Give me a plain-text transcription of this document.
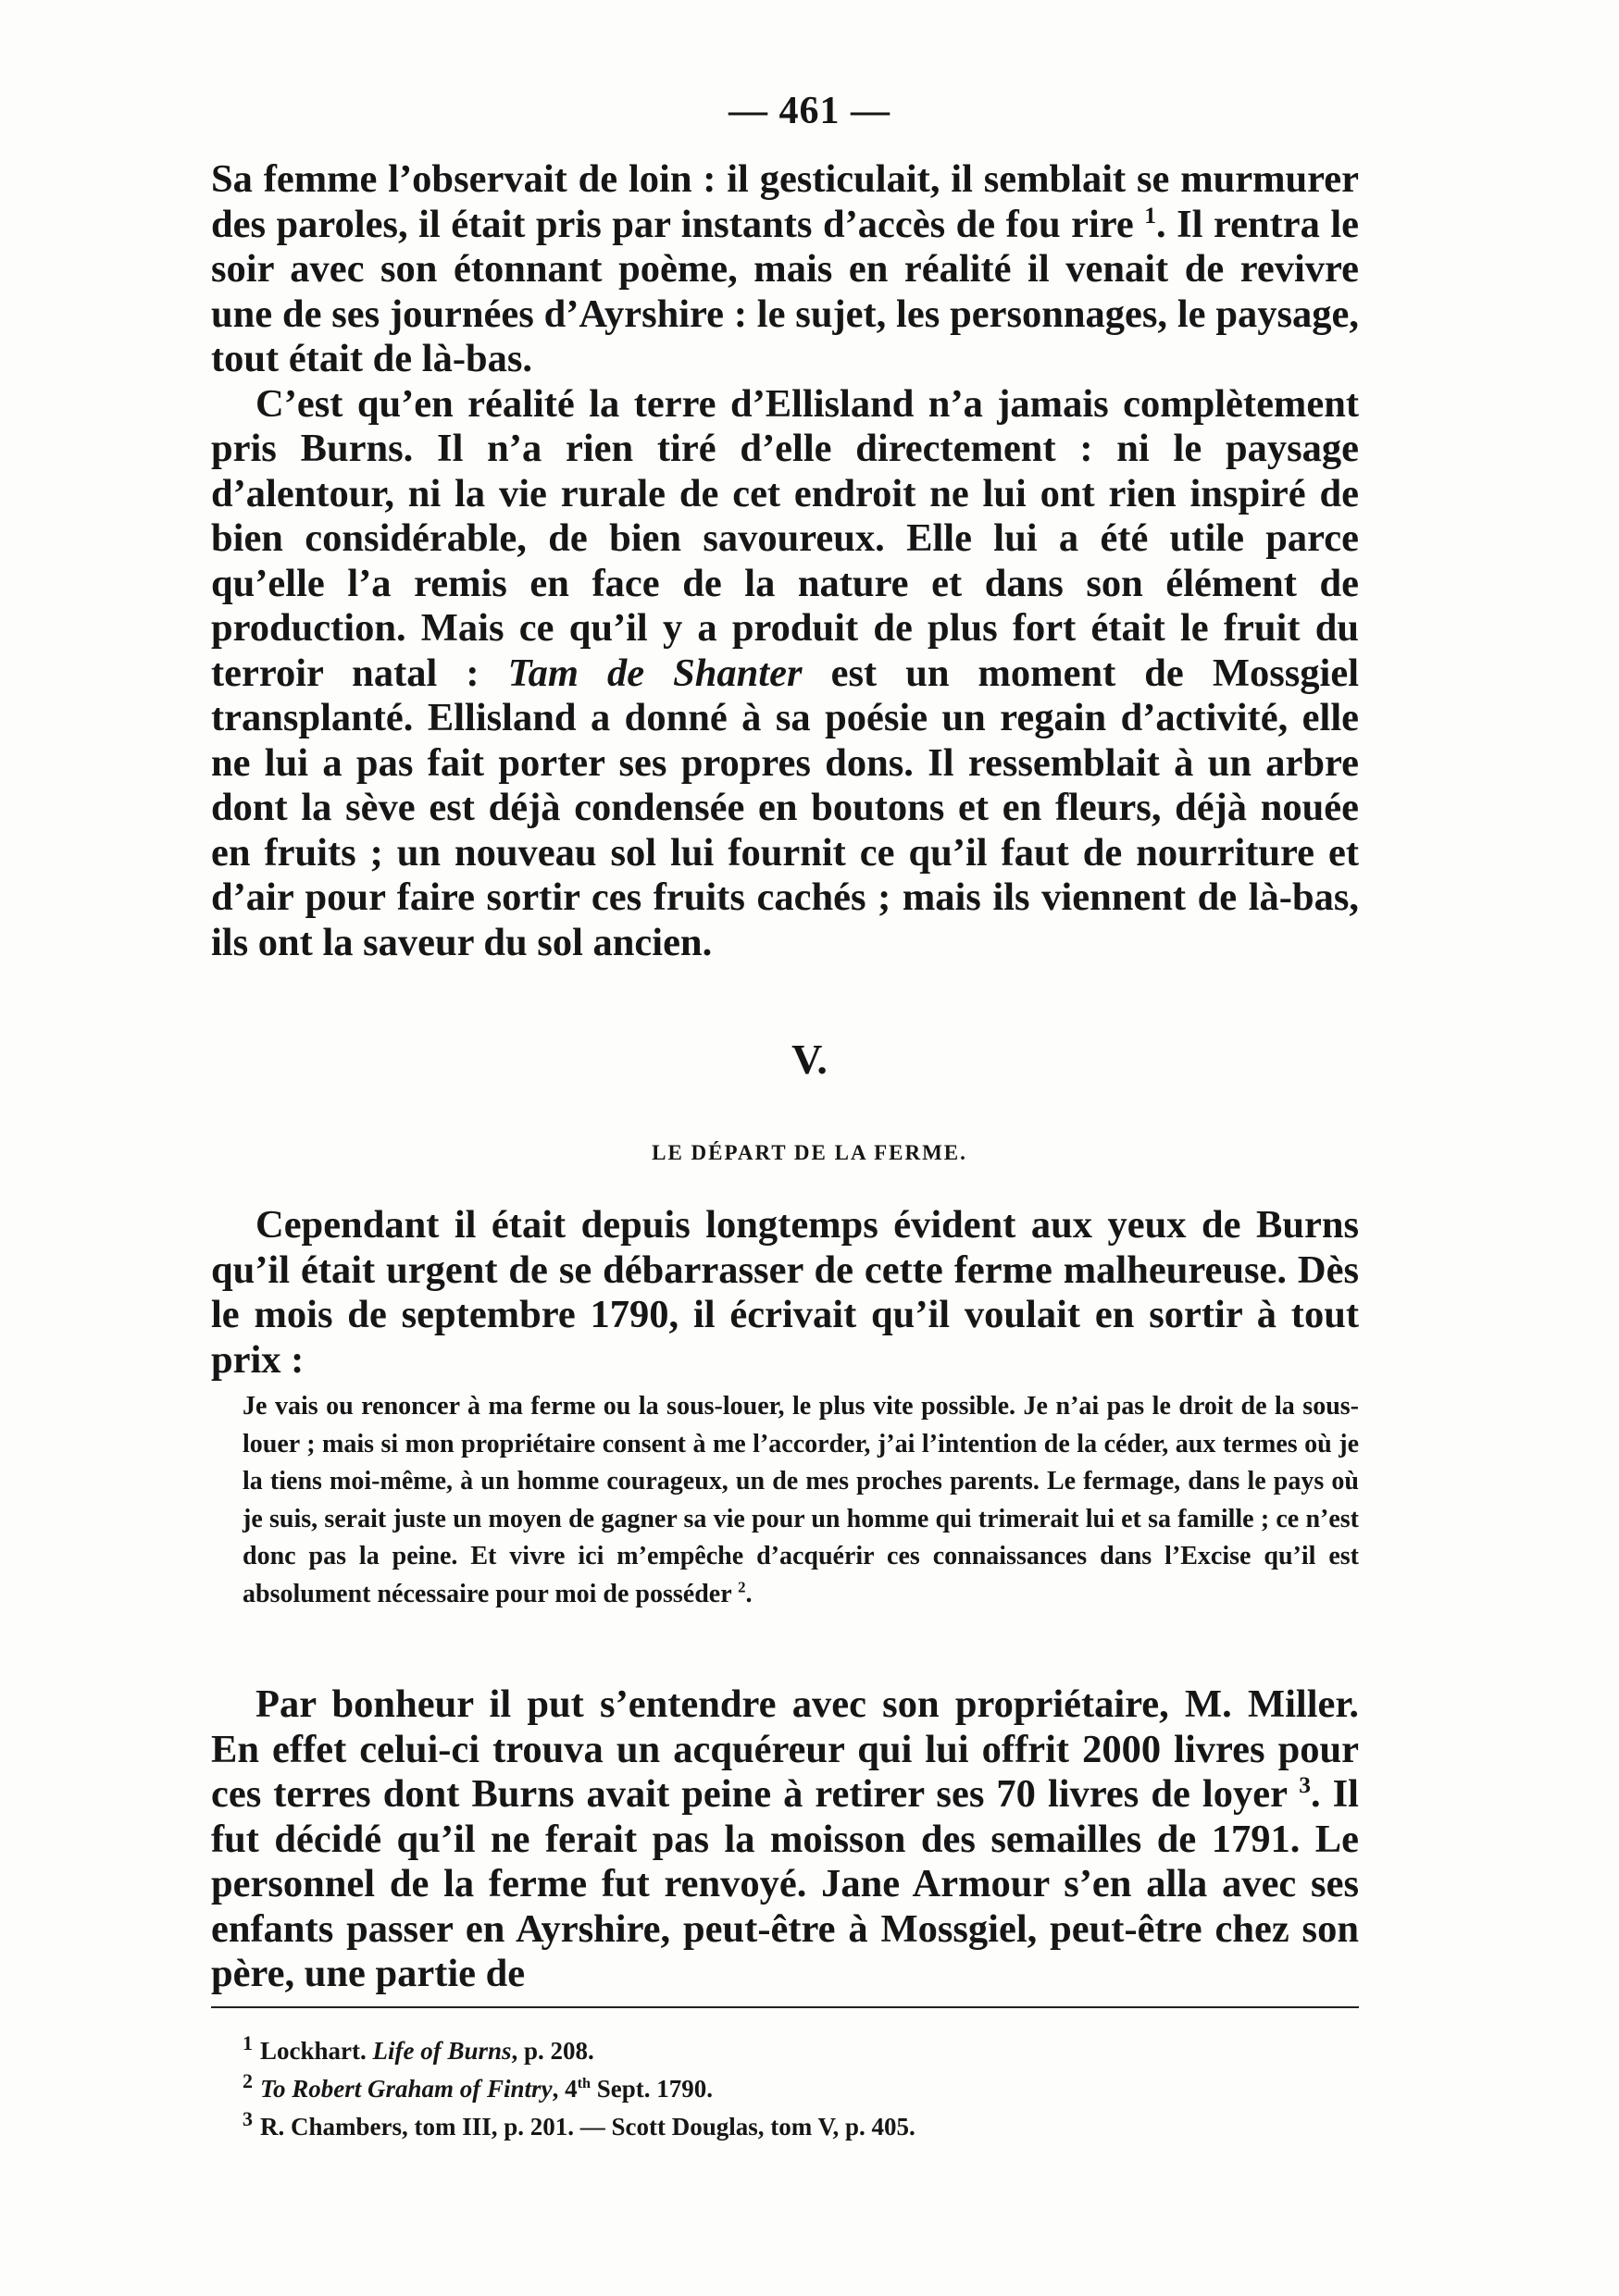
— 461 —

Sa femme l’observait de loin : il gesticulait, il semblait se murmurer des paroles, il était pris par instants d’accès de fou rire $^1$. Il rentra le soir avec son étonnant poème, mais en réalité il venait de revivre une de ses journées d’Ayrshire : le sujet, les personnages, le paysage, tout était de là-bas.

C’est qu’en réalité la terre d’Ellisland n’a jamais complètement pris Burns. Il n’a rien tiré d’elle directement : ni le paysage d’alentour, ni la vie rurale de cet endroit ne lui ont rien inspiré de bien considérable, de bien savoureux. Elle lui a été utile parce qu’elle l’a remis en face de la nature et dans son élément de production. Mais ce qu’il y a produit de plus fort était le fruit du terroir natal : Tam de Shanter est un moment de Mossgiel transplanté. Ellisland a donné à sa poésie un regain d’activité, elle ne lui a pas fait porter ses propres dons. Il ressemblait à un arbre dont la sève est déjà condensée en boutons et en fleurs, déjà nouée en fruits ; un nouveau sol lui fournit ce qu’il faut de nourriture et d’air pour faire sortir ces fruits cachés ; mais ils viennent de là-bas, ils ont la saveur du sol ancien.

V.
LE DÉPART DE LA FERME.

Cependant il était depuis longtemps évident aux yeux de Burns qu’il était urgent de se débarrasser de cette ferme malheureuse. Dès le mois de septembre 1790, il écrivait qu’il voulait en sortir à tout prix :

Je vais ou renoncer à ma ferme ou la sous-louer, le plus vite possible. Je n’ai pas le droit de la sous-louer ; mais si mon propriétaire consent à me l’accorder, j’ai l’intention de la céder, aux termes où je la tiens moi-même, à un homme courageux, un de mes proches parents. Le fermage, dans le pays où je suis, serait juste un moyen de gagner sa vie pour un homme qui trimerait lui et sa famille ; ce n’est donc pas la peine. Et vivre ici m’empêche d’acquérir ces connaissances dans l’Excise qu’il est absolument nécessaire pour moi de posséder $^2$.

Par bonheur il put s’entendre avec son propriétaire, M. Miller. En effet celui-ci trouva un acquéreur qui lui offrit 2000 livres pour ces terres dont Burns avait peine à retirer ses 70 livres de loyer $^3$. Il fut décidé qu’il ne ferait pas la moisson des semailles de 1791. Le personnel de la ferme fut renvoyé. Jane Armour s’en alla avec ses enfants passer en Ayrshire, peut-être à Mossgiel, peut-être chez son père, une partie de

$^1$ Lockhart. Life of Burns, p. 208.
$^2$ To Robert Graham of Fintry, 4th Sept. 1790.
$^3$ R. Chambers, tom III, p. 201. — Scott Douglas, tom V, p. 405.
